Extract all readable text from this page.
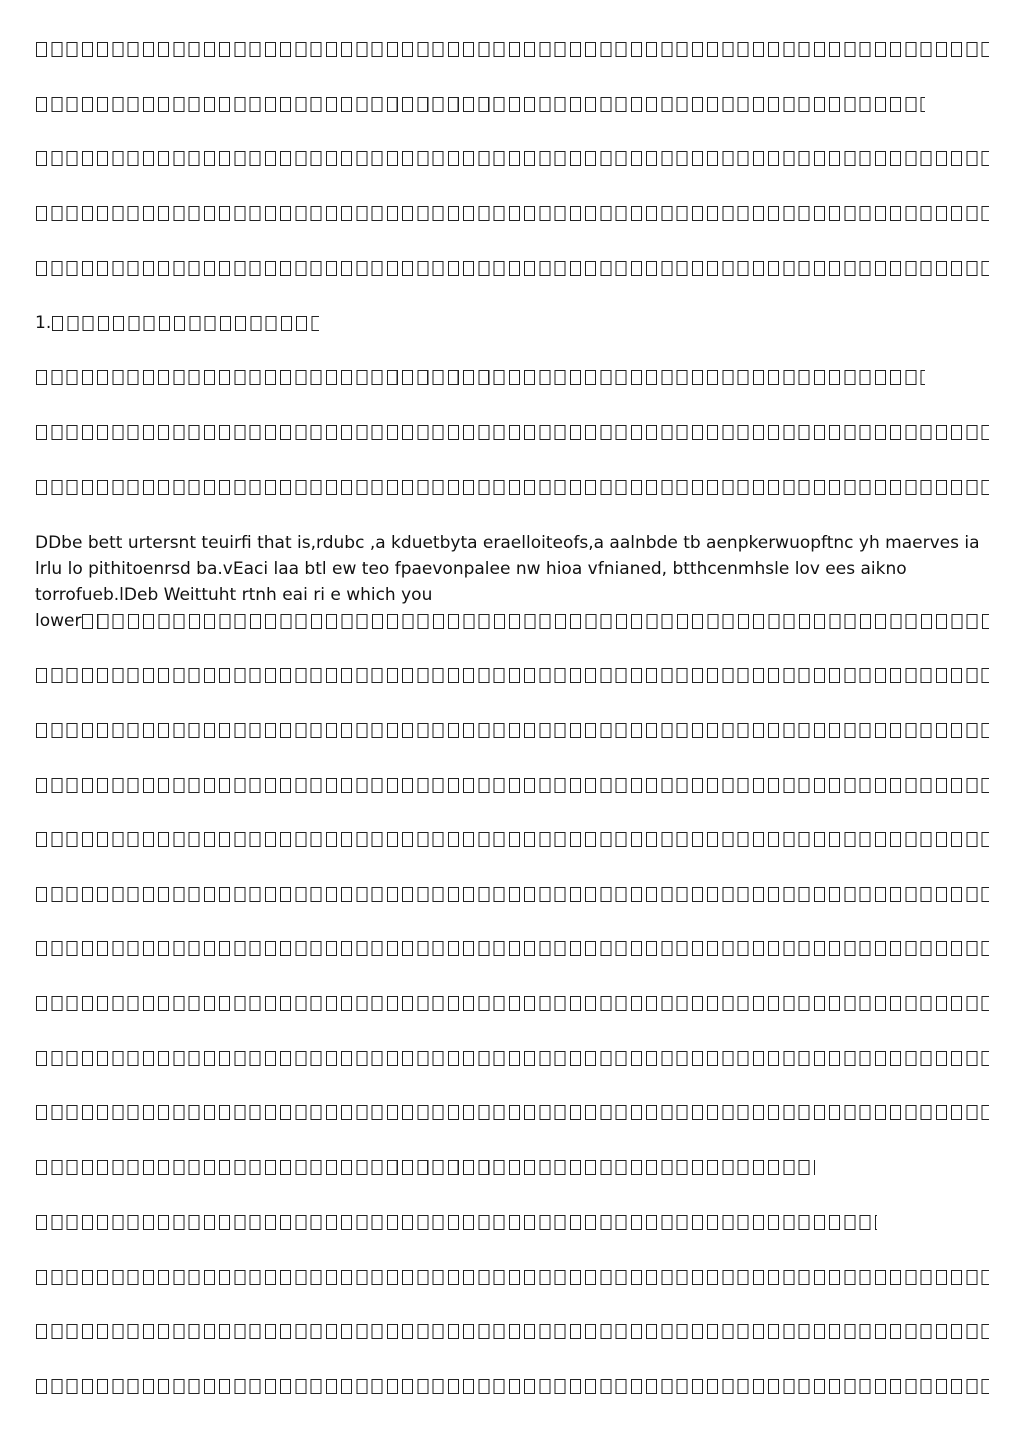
1.
DDbe bett urtersnt teuirfi that is,rdubc ,a kduetbyta eraelloiteofs,a aalnbde tb aenpkerwuopftnc yh maerves ia lrlu lo pithitoenrsd ba.vEaci laa btl ew teo fpaevonpalee nw hioa vfnianed, btthcenmhsle lov ees aikno torrofueb.lDeb Weittuht rtnh eai ri e which you
lower
